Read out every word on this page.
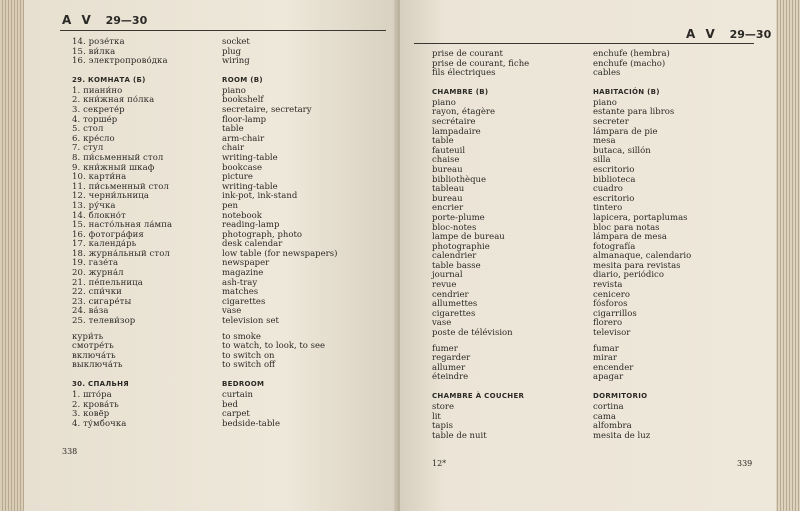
A V 29—30
14. розе́тка
15. ви́лка
16. электропрово́дка
29. КОМНАТА (Б)
1. пиани́но
2. кни́жная по́лка
3. секрете́р
4. торше́р
5. стол
6. кре́сло
7. стул
8. пи́сьменный стол
9. кни́жный шкаф
10. карти́на
11. пи́сьменный стол
12. черни́льница
13. ру́чка
14. блокно́т
15. насто́льная ла́мпа
16. фотогра́фия
17. календа́рь
18. журна́льный стол
19. газе́та
20. журна́л
21. пе́пельница
22. спи́чки
23. сигаре́ты
24. ва́за
25. телеви́зор
кури́ть
смотре́ть
включа́ть
выключа́ть
30. СПАЛЬНЯ
1. што́ра
2. крова́ть
3. ковёр
4. ту́мбочка
socket
plug
wiring
ROOM (B)
piano
bookshelf
secretaire, secretary
floor-lamp
table
arm-chair
chair
writing-table
bookcase
picture
writing-table
ink-pot, ink-stand
pen
notebook
reading-lamp
photograph, photo
desk calendar
low table (for newspapers)
newspaper
magazine
ash-tray
matches
cigarettes
vase
television set
to smoke
to watch, to look, to see
to switch on
to switch off
BEDROOM
curtain
bed
carpet
bedside-table
338
A V 29—30
prise de courant
prise de courant, fiche
fils électriques
CHAMBRE (B)
piano
rayon, étagère
secrétaire
lampadaire
table
fauteuil
chaise
bureau
bibliothèque
tableau
bureau
encrier
porte-plume
bloc-notes
lampe de bureau
photographie
calendrier
table basse
journal
revue
cendrier
allumettes
cigarettes
vase
poste de télévision
fumer
regarder
allumer
éteindre
CHAMBRE À COUCHER
store
lit
tapis
table de nuit
enchufe (hembra)
enchufe (macho)
cables
HABITACIÓN (B)
piano
estante para libros
secreter
lámpara de pie
mesa
butaca, sillón
silla
escritorio
biblioteca
cuadro
escritorio
tintero
lapicera, portaplumas
bloc para notas
lámpara de mesa
fotografía
almanaque, calendario
mesita para revistas
diario, periódico
revista
cenicero
fósforos
cigarrillos
florero
televisor
fumar
mirar
encender
apagar
DORMITORIO
cortina
cama
alfombra
mesita de luz
12*	339
